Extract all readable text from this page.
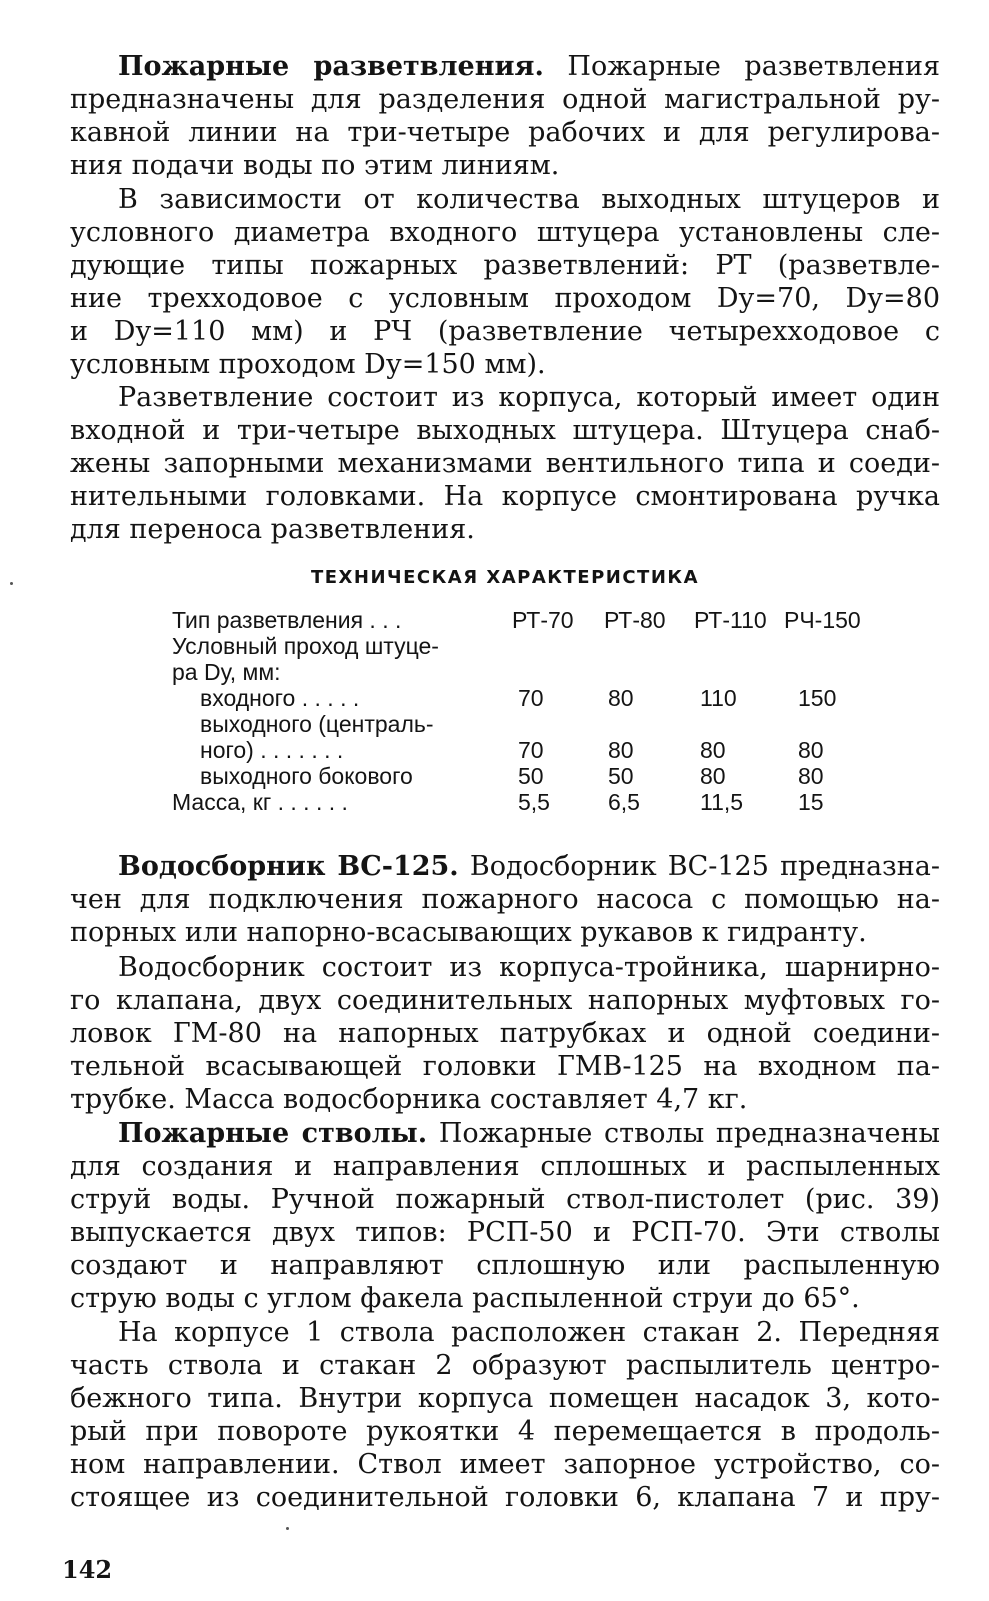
Пожарные разветвления. Пожарные разветвления
предназначены для разделения одной магистральной ру-
кавной линии на три-четыре рабочих и для регулирова-
ния подачи воды по этим линиям.
В зависимости от количества выходных штуцеров и
условного диаметра входного штуцера установлены сле-
дующие типы пожарных разветвлений: РТ (разветвле-
ние трехходовое с условным проходом Dу=70, Dу=80
и Dу=110 мм) и РЧ (разветвление четырехходовое с
условным проходом Dу=150 мм).
Разветвление состоит из корпуса, который имеет один
входной и три-четыре выходных штуцера. Штуцера снаб-
жены запорными механизмами вентильного типа и соеди-
нительными головками. На корпусе смонтирована ручка
для переноса разветвления.
ТЕХНИЧЕСКАЯ ХАРАКТЕРИСТИКА
Тип разветвления . . .	РТ-70 РТ-80 РТ-110 РЧ-150
Условный проход штуце-
ра Dу, мм:
входного . . . . .	70	80	110	150
выходного (централь-
ного) . . . . . . .	70	80	80	80
выходного бокового	50	50	80	80
Масса, кг . . . . . .	5,5	6,5	11,5 15
Водосборник ВС-125. Водосборник ВС-125 предназна-
чен для подключения пожарного насоса с помощью на-
порных или напорно-всасывающих рукавов к гидранту.
Водосборник состоит из корпуса-тройника, шарнирно-
го клапана, двух соединительных напорных муфтовых го-
ловок ГМ-80 на напорных патрубках и одной соедини-
тельной всасывающей головки ГМВ-125 на входном па-
трубке. Масса водосборника составляет 4,7 кг.
Пожарные стволы. Пожарные стволы предназначены
для создания и направления сплошных и распыленных
струй воды. Ручной пожарный ствол-пистолет (рис. 39)
выпускается двух типов: РСП-50 и РСП-70. Эти стволы
создают и направляют сплошную или распыленную
струю воды с углом факела распыленной струи до 65°.
На корпусе 1 ствола расположен стакан 2. Передняя
часть ствола и стакан 2 образуют распылитель центро-
бежного типа. Внутри корпуса помещен насадок 3, кото-
рый при повороте рукоятки 4 перемещается в продоль-
ном направлении. Ствол имеет запорное устройство, со-
стоящее из соединительной головки 6, клапана 7 и пру-
142
